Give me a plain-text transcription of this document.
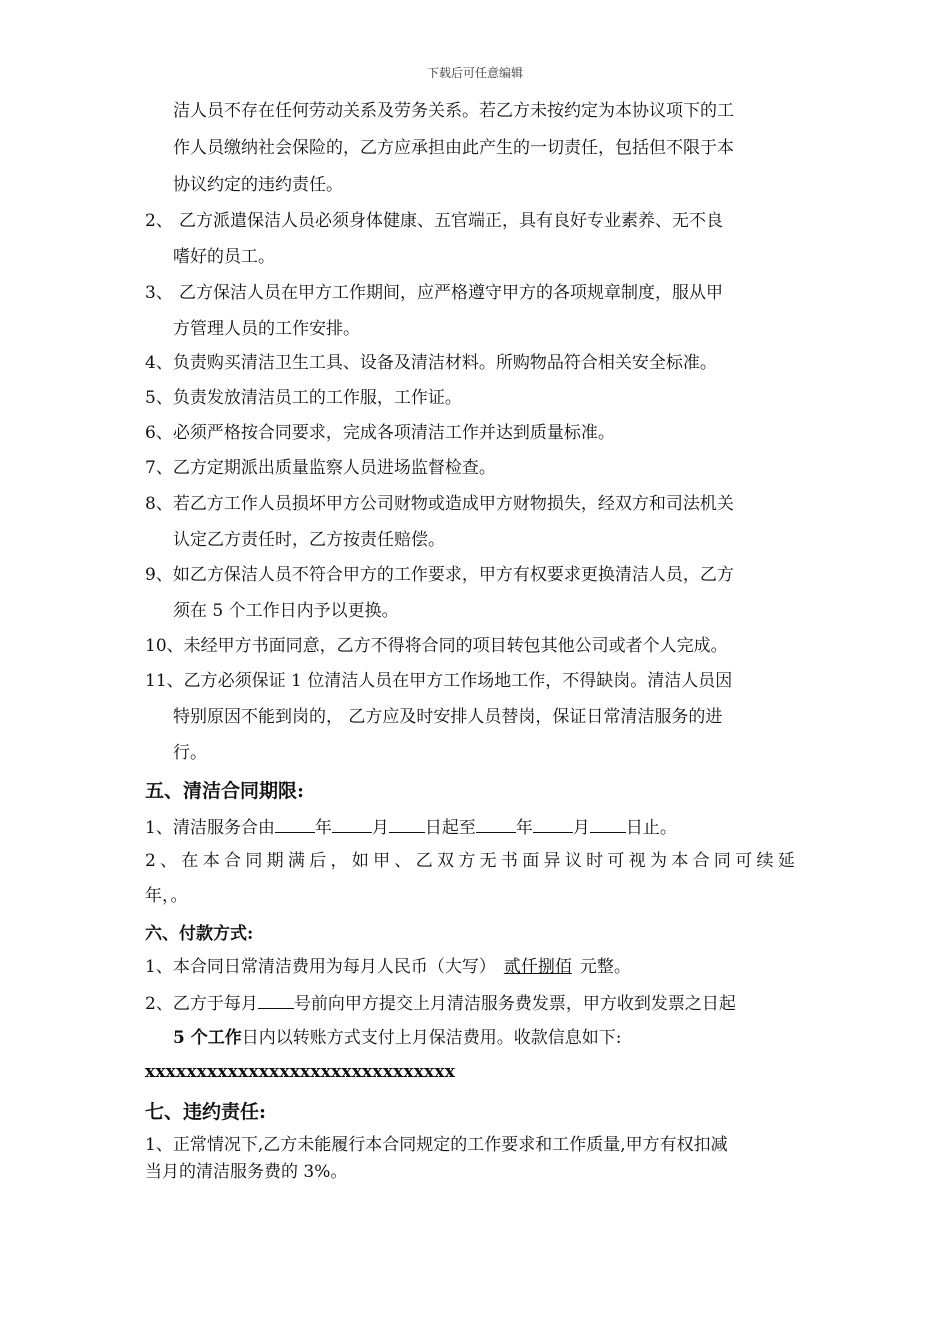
下载后可任意编辑
洁人员不存在任何劳动关系及劳务关系。若乙方未按约定为本协议项下的工
作人员缴纳社会保险的，乙方应承担由此产生的一切责任，包括但不限于本
协议约定的违约责任。
2、 乙方派遣保洁人员必须身体健康、五官端正，具有良好专业素养、无不良
嗜好的员工。
3、 乙方保洁人员在甲方工作期间，应严格遵守甲方的各项规章制度，服从甲
方管理人员的工作安排。
4、负责购买清洁卫生工具、设备及清洁材料。所购物品符合相关安全标准。
5、负责发放清洁员工的工作服，工作证。
6、必须严格按合同要求，完成各项清洁工作并达到质量标准。
7、乙方定期派出质量监察人员进场监督检查。
8、若乙方工作人员损坏甲方公司财物或造成甲方财物损失，经双方和司法机关
认定乙方责任时，乙方按责任赔偿。
9、如乙方保洁人员不符合甲方的工作要求，甲方有权要求更换清洁人员，乙方
须在 5 个工作日内予以更换。
10、未经甲方书面同意，乙方不得将合同的项目转包其他公司或者个人完成。
11、乙方必须保证 1 位清洁人员在甲方工作场地工作，不得缺岗。清洁人员因
特别原因不能到岗的， 乙方应及时安排人员替岗，保证日常清洁服务的进
行。
五、清洁合同期限:
1、清洁服务合由 年 月 日起至 年 月 日止。
2、在本合同期满后，如甲、乙双方无书面异议时可视为本合同可续延
年，。
六、付款方式:
1、本合同日常清洁费用为每月人民币（大写） 贰仟捌佰 元整。
2、乙方于每月 号前向甲方提交上月清洁服务费发票，甲方收到发票之日起
5 个工作日内以转账方式支付上月保洁费用。收款信息如下:
xxxxxxxxxxxxxxxxxxxxxxxxxxxxxx
七、违约责任:
1、正常情况下,乙方未能履行本合同规定的工作要求和工作质量,甲方有权扣减
当月的清洁服务费的 3%。
